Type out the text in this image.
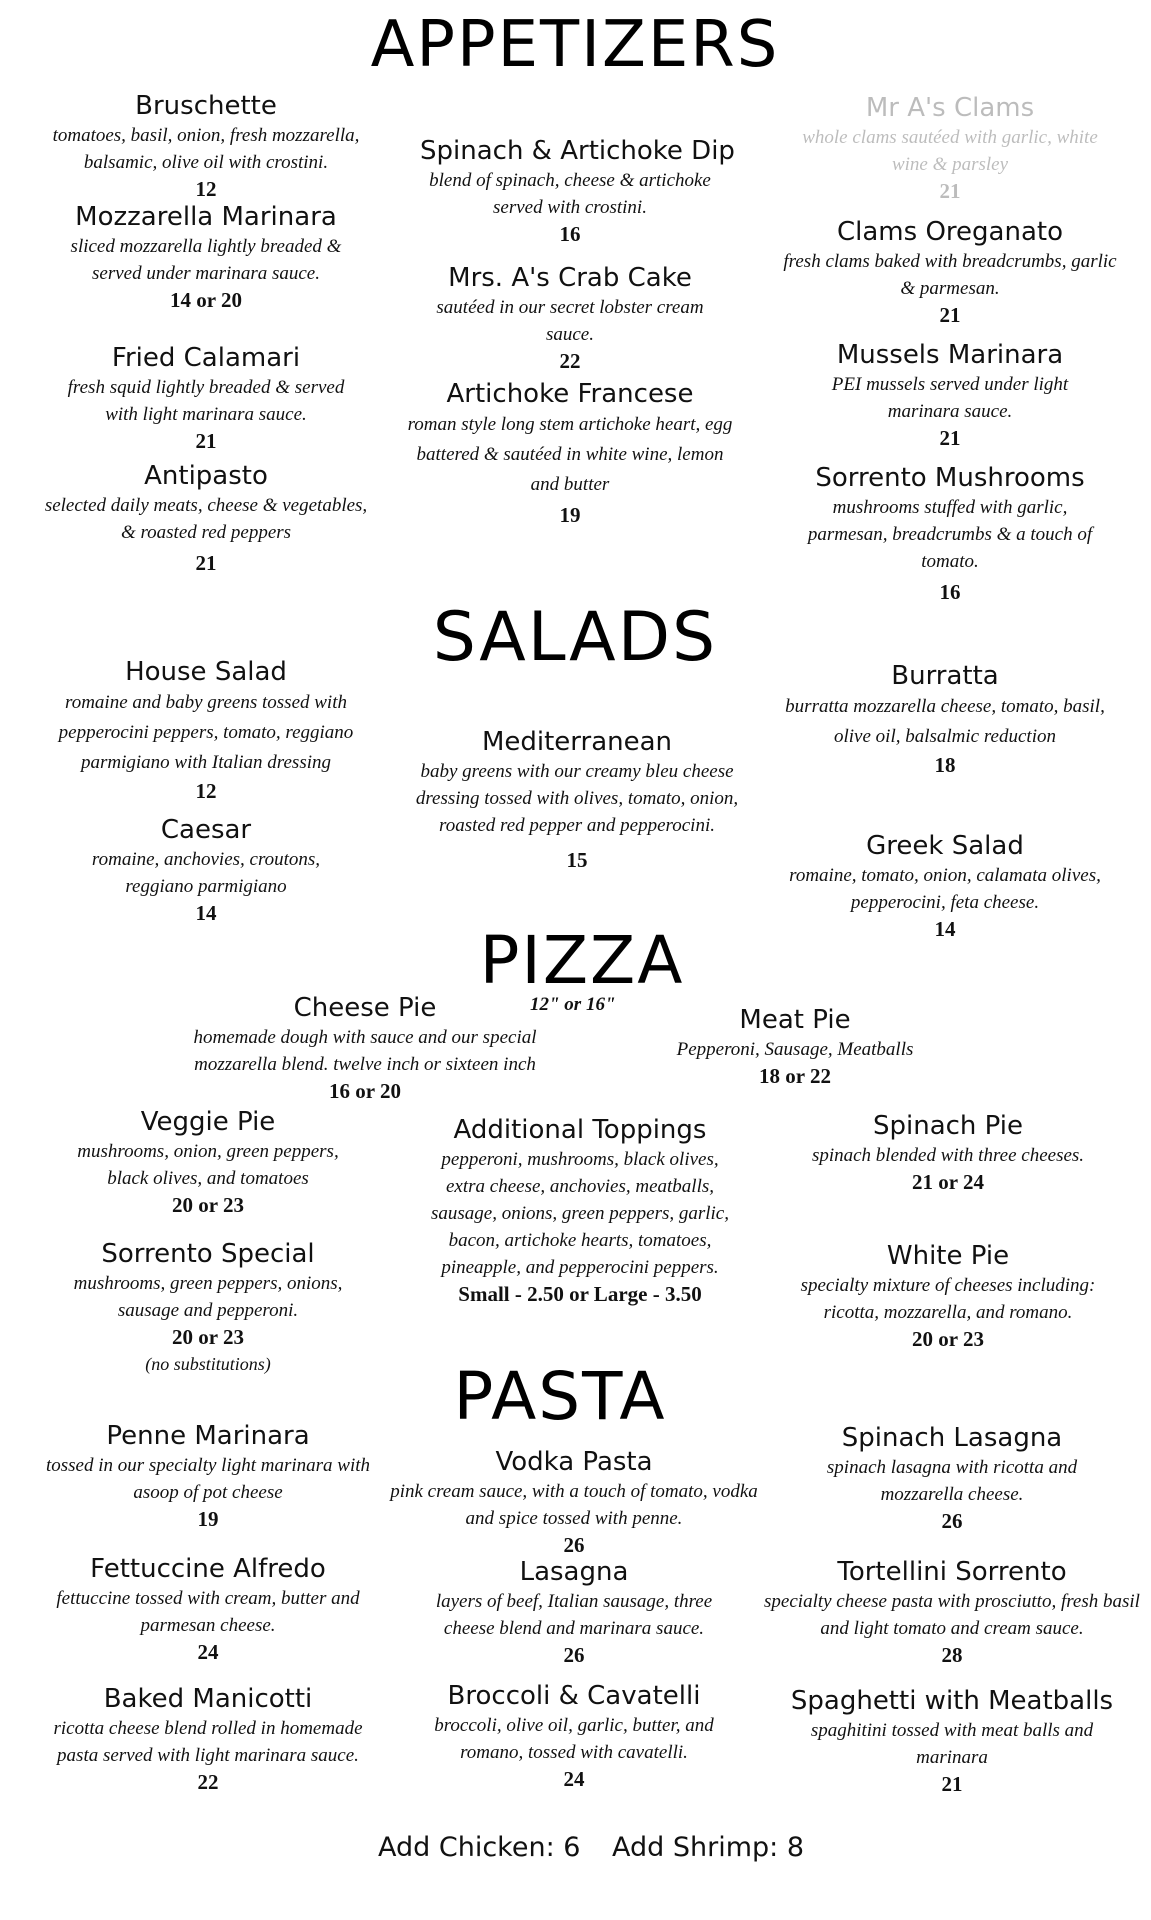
APPETIZERS
SALADS
PIZZA
12" or 16"
PASTA
Bruschette
tomatoes, basil, onion, fresh mozzarella, balsamic, olive oil with crostini.
12
Mozzarella Marinara
sliced mozzarella lightly breaded & served under marinara sauce.
14 or 20
Fried Calamari
fresh squid lightly breaded & served with light marinara sauce.
21
Antipasto
selected daily meats, cheese & vegetables, & roasted red peppers
21
Spinach & Artichoke Dip
blend of spinach, cheese & artichoke served with crostini.
16
Mrs. A's Crab Cake
sautéed in our secret lobster cream sauce.
22
Artichoke Francese
roman style long stem artichoke heart, egg battered & sautéed in white wine, lemon and butter
19
Mr A's Clams
whole clams sautéed with garlic, white wine & parsley
21
Clams Oreganato
fresh clams baked with breadcrumbs, garlic & parmesan.
21
Mussels Marinara
PEI mussels served under light marinara sauce.
21
Sorrento Mushrooms
mushrooms stuffed with garlic, parmesan, breadcrumbs & a touch of tomato.
16
House Salad
romaine and baby greens tossed with pepperocini peppers, tomato, reggiano parmigiano with Italian dressing
12
Caesar
romaine, anchovies, croutons, reggiano parmigiano
14
Mediterranean
baby greens with our creamy bleu cheese dressing tossed with olives, tomato, onion, roasted red pepper and pepperocini.
15
Burratta
burratta mozzarella cheese, tomato, basil, olive oil, balsalmic reduction
18
Greek Salad
romaine, tomato, onion, calamata olives, pepperocini, feta cheese.
14
Cheese Pie
homemade dough with sauce and our special mozzarella blend. twelve inch or sixteen inch
16 or 20
Meat Pie
Pepperoni, Sausage, Meatballs
18 or 22
Veggie Pie
mushrooms, onion, green peppers, black olives, and tomatoes
20 or 23
Sorrento Special
mushrooms, green peppers, onions, sausage and pepperoni.
20 or 23
(no substitutions)
Additional Toppings
pepperoni, mushrooms, black olives, extra cheese, anchovies, meatballs, sausage, onions, green peppers, garlic, bacon, artichoke hearts, tomatoes, pineapple, and pepperocini peppers.
Small - 2.50 or Large - 3.50
Spinach Pie
spinach blended with three cheeses.
21 or 24
White Pie
specialty mixture of cheeses including: ricotta, mozzarella, and romano.
20 or 23
Penne Marinara
tossed in our specialty light marinara with asoop of pot cheese
19
Fettuccine Alfredo
fettuccine tossed with cream, butter and parmesan cheese.
24
Baked Manicotti
ricotta cheese blend rolled in homemade pasta served with light marinara sauce.
22
Vodka Pasta
pink cream sauce, with a touch of tomato, vodka and spice tossed with penne.
26
Lasagna
layers of beef, Italian sausage, three cheese blend and marinara sauce.
26
Broccoli & Cavatelli
broccoli, olive oil, garlic, butter, and romano, tossed with cavatelli.
24
Spinach Lasagna
spinach lasagna with ricotta and mozzarella cheese.
26
Tortellini Sorrento
specialty cheese pasta with prosciutto, fresh basil and light tomato and cream sauce.
28
Spaghetti with Meatballs
spaghitini tossed with meat balls and marinara
21
Add Chicken: 6 Add Shrimp: 8
